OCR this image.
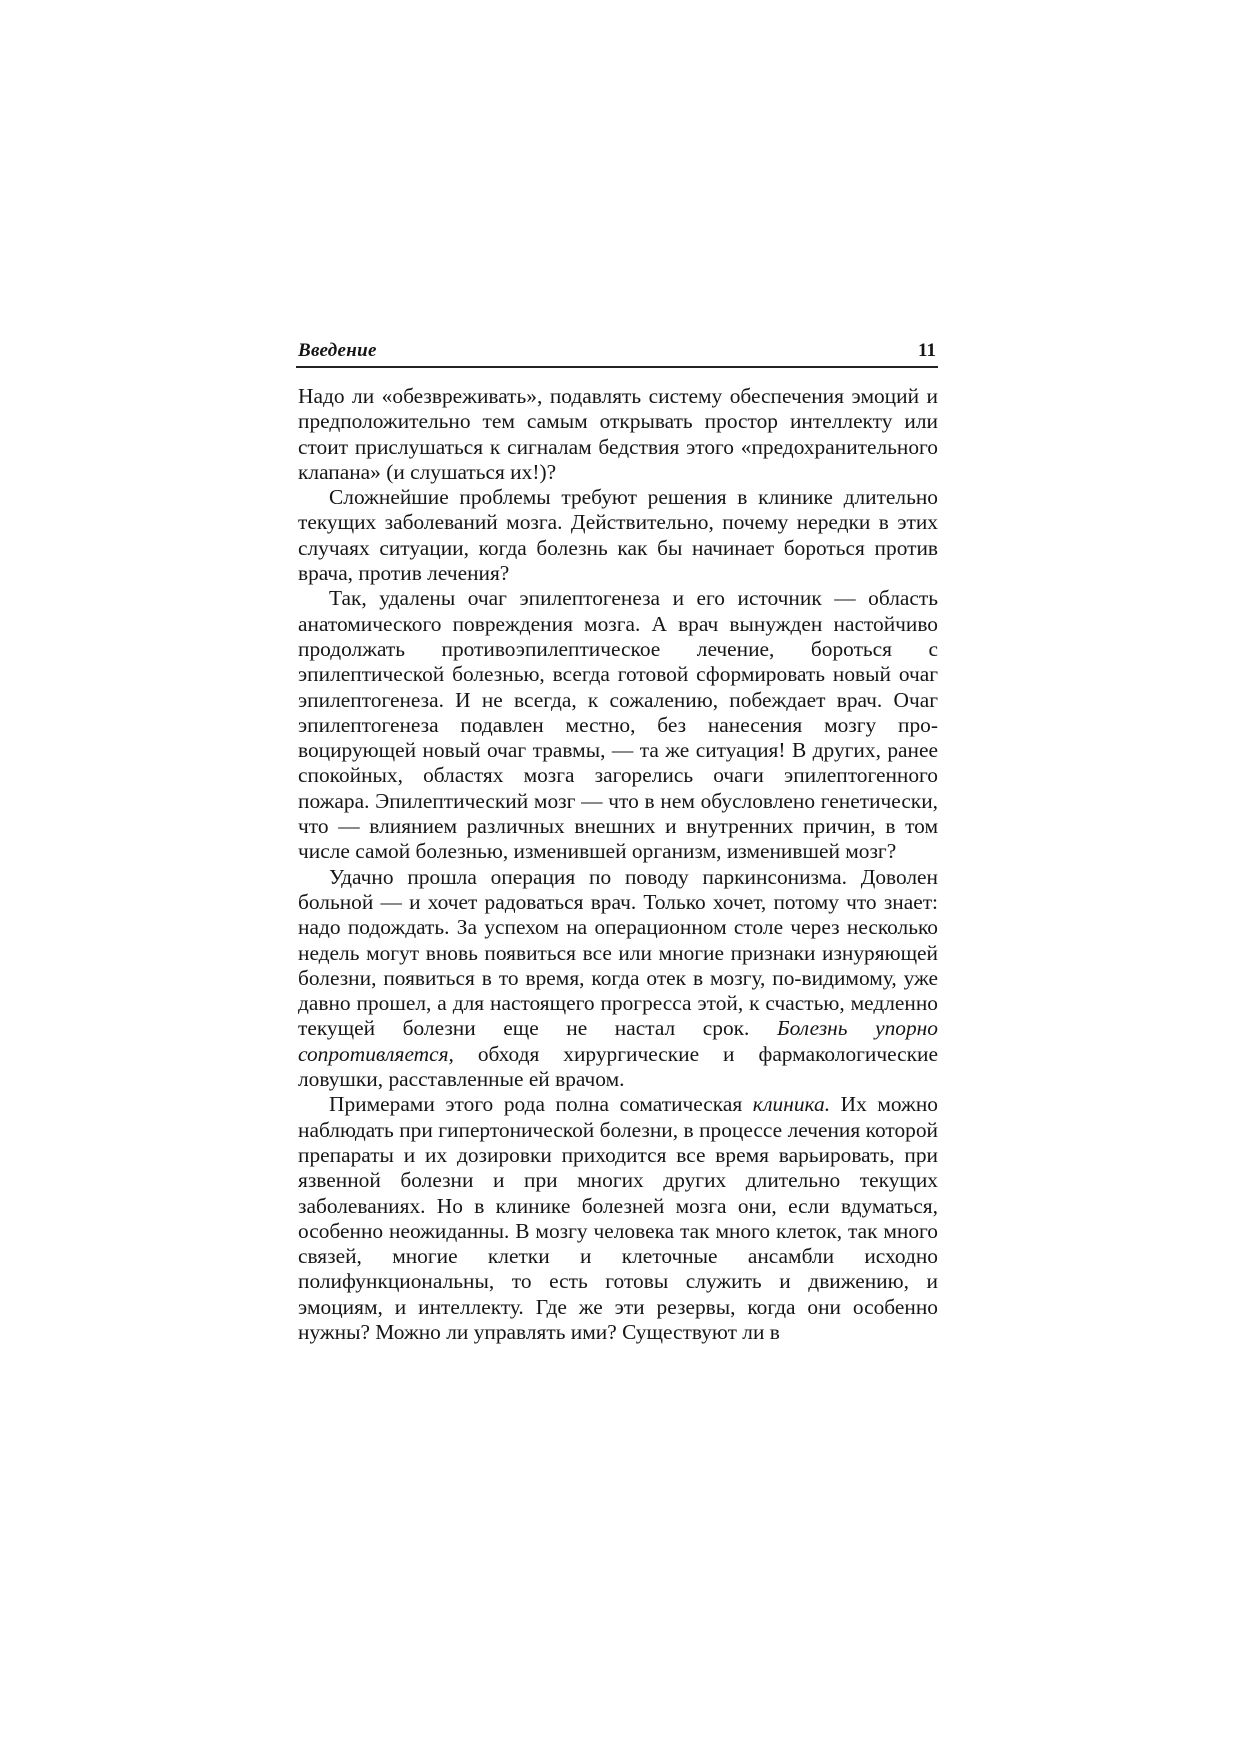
Введение	11

Надо ли «обезвреживать», подавлять систему обеспечения эмоций и предположительно тем самым открывать простор интеллекту или стоит прислушаться к сигналам бедствия этого «предохранительного клапана» (и слушаться их!)?

Сложнейшие проблемы требуют решения в клинике длительно текущих заболеваний мозга. Действительно, почему нередки в этих случаях ситуации, когда болезнь как бы начинает бороться против врача, против лечения?

Так, удалены очаг эпилептогенеза и его источник — область анатомического повреждения мозга. А врач вынужден настойчиво продолжать противоэпилептическое лечение, бороться с эпилептической болезнью, всегда готовой сформировать новый очаг эпилептогенеза. И не всегда, к сожалению, побеждает врач. Очаг эпилептогенеза подавлен местно, без нанесения мозгу провоцирующей новый очаг травмы, — та же ситуация! В других, ранее спокойных, областях мозга загорелись очаги эпилептогенного пожара. Эпилептический мозг — что в нем обусловлено генетически, что — влиянием различных внешних и внутренних причин, в том числе самой болезнью, изменившей организм, изменившей мозг?

Удачно прошла операция по поводу паркинсонизма. Доволен больной — и хочет радоваться врач. Только хочет, потому что знает: надо подождать. За успехом на операционном столе через несколько недель могут вновь появиться все или многие признаки изнуряющей болезни, появиться в то время, когда отек в мозгу, по-видимому, уже давно прошел, а для настоящего прогресса этой, к счастью, медленно текущей болезни еще не настал срок. Болезнь упорно сопротивляется, обходя хирургические и фармакологические ловушки, расставленные ей врачом.

Примерами этого рода полна соматическая клиника. Их можно наблюдать при гипертонической болезни, в процессе лечения которой препараты и их дозировки приходится все время варьировать, при язвенной болезни и при многих других длительно текущих заболеваниях. Но в клинике болезней мозга они, если вдуматься, особенно неожиданны. В мозгу человека так много клеток, так много связей, многие клетки и клеточные ансамбли исходно полифункциональны, то есть готовы служить и движению, и эмоциям, и интеллекту. Где же эти резервы, когда они особенно нужны? Можно ли управлять ими? Существуют ли в
